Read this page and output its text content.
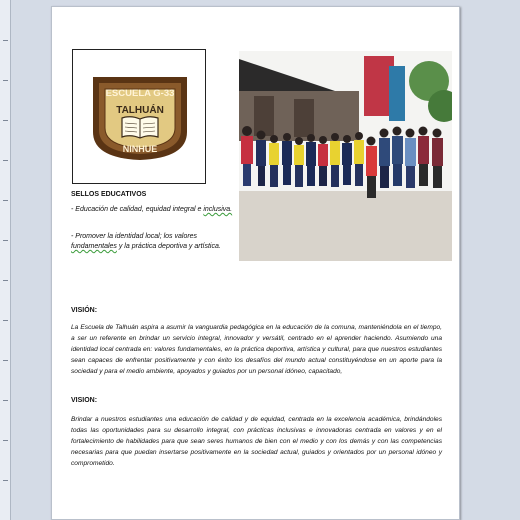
ESCUELA G-33
TALHUÁN
NINHUE
SELLOS EDUCATIVOS
- Educación de calidad, equidad integral e inclusiva.
- Promover la identidad local; los valores fundamentales y la práctica deportiva y artística.
VISIÓN:
La Escuela de Talhuán aspira a asumir la vanguardia pedagógica en la educación de la comuna, manteniéndola en el tiempo, a ser un referente en brindar un servicio integral, innovador y versátil, centrado en el aprender haciendo. Asumiendo una identidad local centrada en: valores fundamentales, en la práctica deportiva, artística y cultural, para que nuestros estudiantes sean capaces de enfrentar positivamente y con éxito los desafíos del mundo actual constituyéndose en un aporte para la sociedad y para el medio ambiente, apoyados y guiados por un personal idóneo, capacitado,
VISION:
Brindar a nuestros estudiantes una educación de calidad y de equidad, centrada en la excelencia académica, brindándoles todas las oportunidades para su desarrollo integral, con prácticas inclusivas e innovadoras centrada en valores y en el fortalecimiento de habilidades para que sean seres humanos de bien con el medio y con los demás y con las competencias necesarias para que puedan insertarse positivamente en la sociedad actual, guiados y orientados por un personal idóneo y comprometido.
